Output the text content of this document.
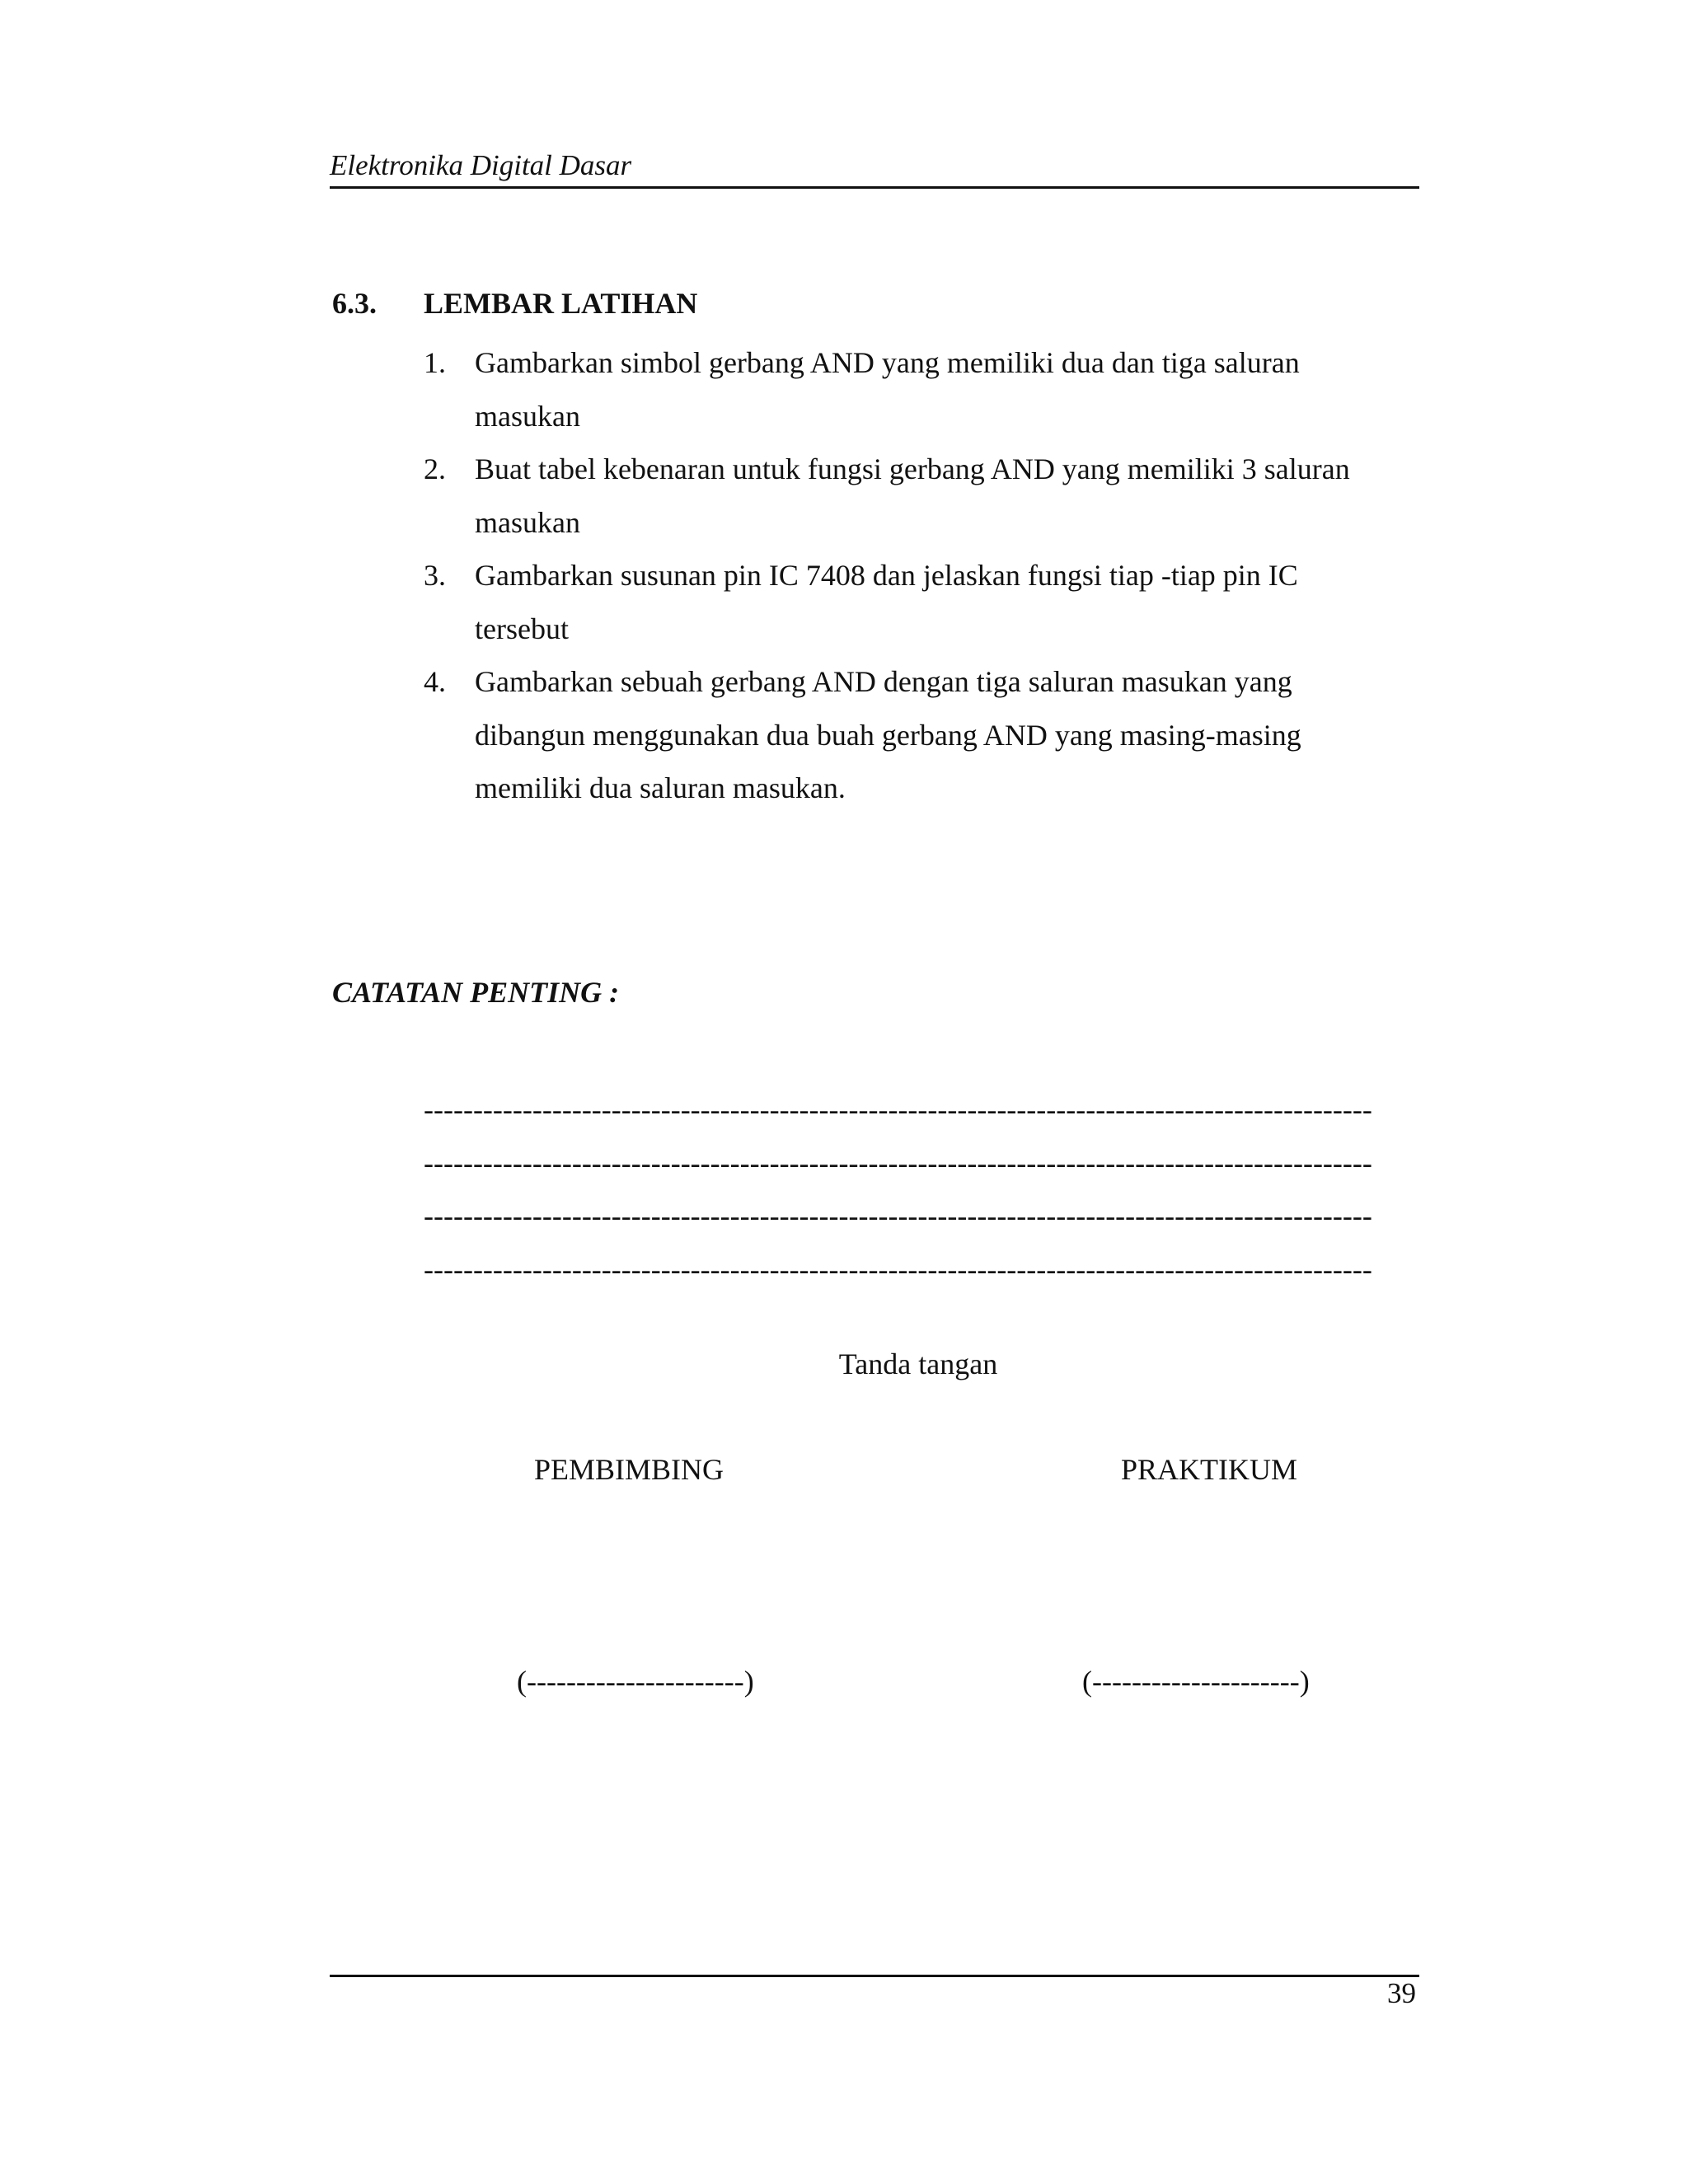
Elektronika Digital Dasar
6.3. LEMBAR LATIHAN
1. Gambarkan simbol gerbang AND yang memiliki dua dan tiga saluran masukan
2. Buat tabel kebenaran untuk fungsi gerbang AND yang memiliki 3 saluran masukan
3. Gambarkan susunan pin IC 7408 dan jelaskan fungsi tiap -tiap pin IC tersebut
4. Gambarkan sebuah gerbang AND dengan tiga saluran masukan yang dibangun menggunakan dua buah gerbang AND yang masing-masing memiliki dua saluran masukan.
CATATAN PENTING :
------------------------------------------------------------------------------------------------
------------------------------------------------------------------------------------------------
------------------------------------------------------------------------------------------------
------------------------------------------------------------------------------------------------
Tanda tangan
PEMBIMBING	PRAKTIKUM
(----------------------)	(---------------------)
39
